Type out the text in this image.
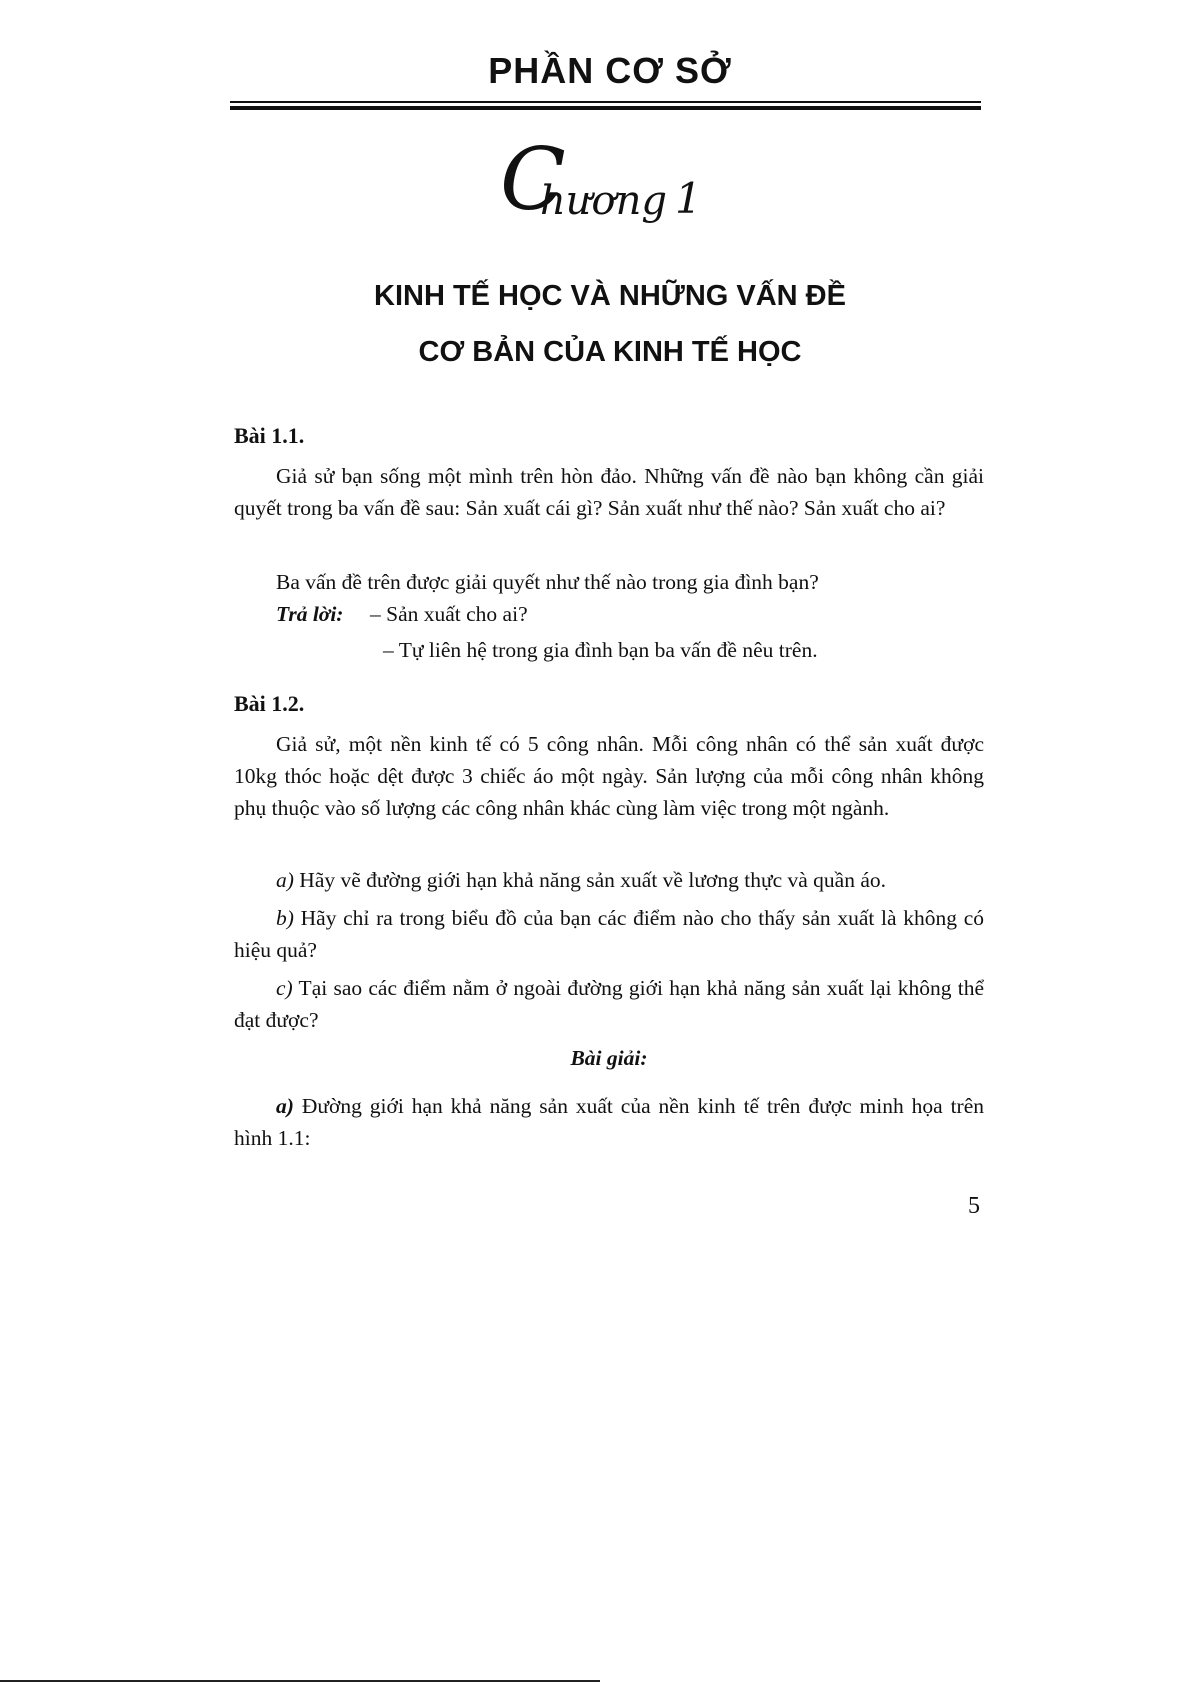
PHẦN CƠ SỞ
C
hương 1
KINH TẾ HỌC VÀ NHỮNG VẤN ĐỀ
CƠ BẢN CỦA KINH TẾ HỌC
Bài 1.1.
Giả sử bạn sống một mình trên hòn đảo. Những vấn đề nào bạn không cần giải quyết trong ba vấn đề sau: Sản xuất cái gì? Sản xuất như thế nào? Sản xuất cho ai?
Ba vấn đề trên được giải quyết như thế nào trong gia đình bạn?
Trả lời: – Sản xuất cho ai?
– Tự liên hệ trong gia đình bạn ba vấn đề nêu trên.
Bài 1.2.
Giả sử, một nền kinh tế có 5 công nhân. Mỗi công nhân có thể sản xuất được 10kg thóc hoặc dệt được 3 chiếc áo một ngày. Sản lượng của mỗi công nhân không phụ thuộc vào số lượng các công nhân khác cùng làm việc trong một ngành.
a) Hãy vẽ đường giới hạn khả năng sản xuất về lương thực và quần áo.
b) Hãy chỉ ra trong biểu đồ của bạn các điểm nào cho thấy sản xuất là không có hiệu quả?
c) Tại sao các điểm nằm ở ngoài đường giới hạn khả năng sản xuất lại không thể đạt được?
Bài giải:
a) Đường giới hạn khả năng sản xuất của nền kinh tế trên được minh họa trên hình 1.1:
5
